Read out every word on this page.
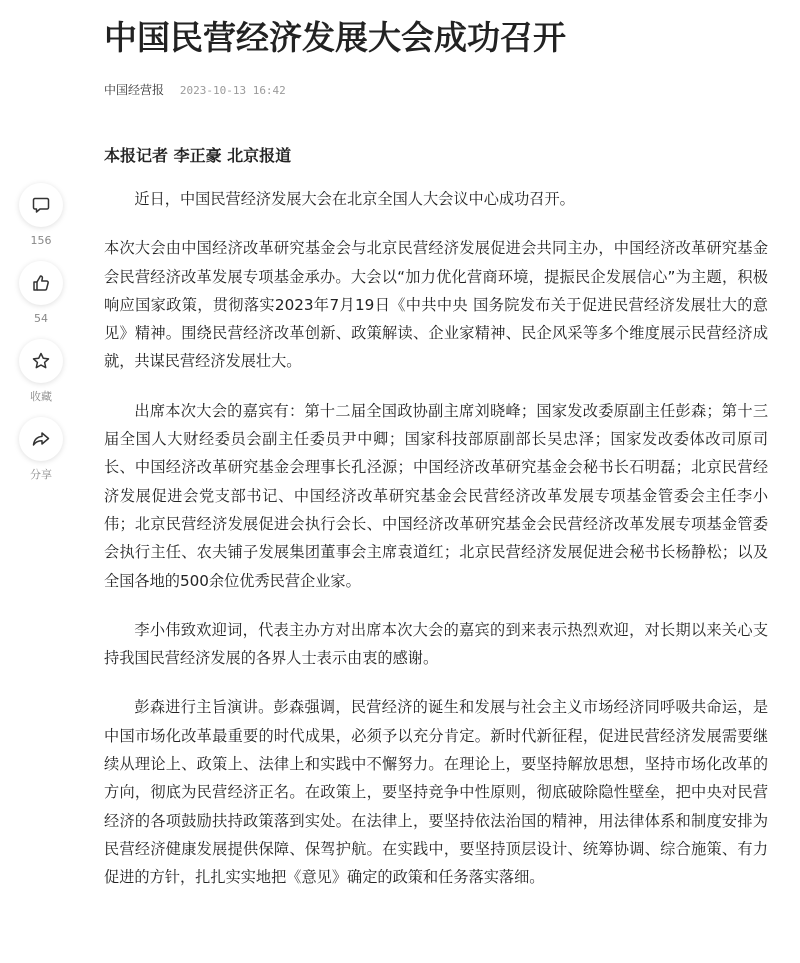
中国民营经济发展大会成功召开
中国经营报 2023-10-13 16:42
156
54
收藏
分享

本报记者 李正豪 北京报道

近日，中国民营经济发展大会在北京全国人大会议中心成功召开。

本次大会由中国经济改革研究基金会与北京民营经济发展促进会共同主办，中国经济改革研究基金会民营经济改革发展专项基金承办。大会以“加力优化营商环境，提振民企发展信心”为主题，积极响应国家政策，贯彻落实2023年7月19日《中共中央 国务院发布关于促进民营经济发展壮大的意见》精神。围绕民营经济改革创新、政策解读、企业家精神、民企风采等多个维度展示民营经济成就，共谋民营经济发展壮大。

出席本次大会的嘉宾有：第十二届全国政协副主席刘晓峰；国家发改委原副主任彭森；第十三届全国人大财经委员会副主任委员尹中卿；国家科技部原副部长吴忠泽；国家发改委体改司原司长、中国经济改革研究基金会理事长孔泾源；中国经济改革研究基金会秘书长石明磊；北京民营经济发展促进会党支部书记、中国经济改革研究基金会民营经济改革发展专项基金管委会主任李小伟；北京民营经济发展促进会执行会长、中国经济改革研究基金会民营经济改革发展专项基金管委会执行主任、农夫铺子发展集团董事会主席袁道红；北京民营经济发展促进会秘书长杨静松；以及全国各地的500余位优秀民营企业家。

李小伟致欢迎词，代表主办方对出席本次大会的嘉宾的到来表示热烈欢迎，对长期以来关心支持我国民营经济发展的各界人士表示由衷的感谢。

彭森进行主旨演讲。彭森强调，民营经济的诞生和发展与社会主义市场经济同呼吸共命运，是中国市场化改革最重要的时代成果，必须予以充分肯定。新时代新征程，促进民营经济发展需要继续从理论上、政策上、法律上和实践中不懈努力。在理论上，要坚持解放思想，坚持市场化改革的方向，彻底为民营经济正名。在政策上，要坚持竞争中性原则，彻底破除隐性壁垒，把中央对民营经济的各项鼓励扶持政策落到实处。在法律上，要坚持依法治国的精神，用法律体系和制度安排为民营经济健康发展提供保障、保驾护航。在实践中，要坚持顶层设计、统筹协调、综合施策、有力促进的方针，扎扎实实地把《意见》确定的政策和任务落实落细。
